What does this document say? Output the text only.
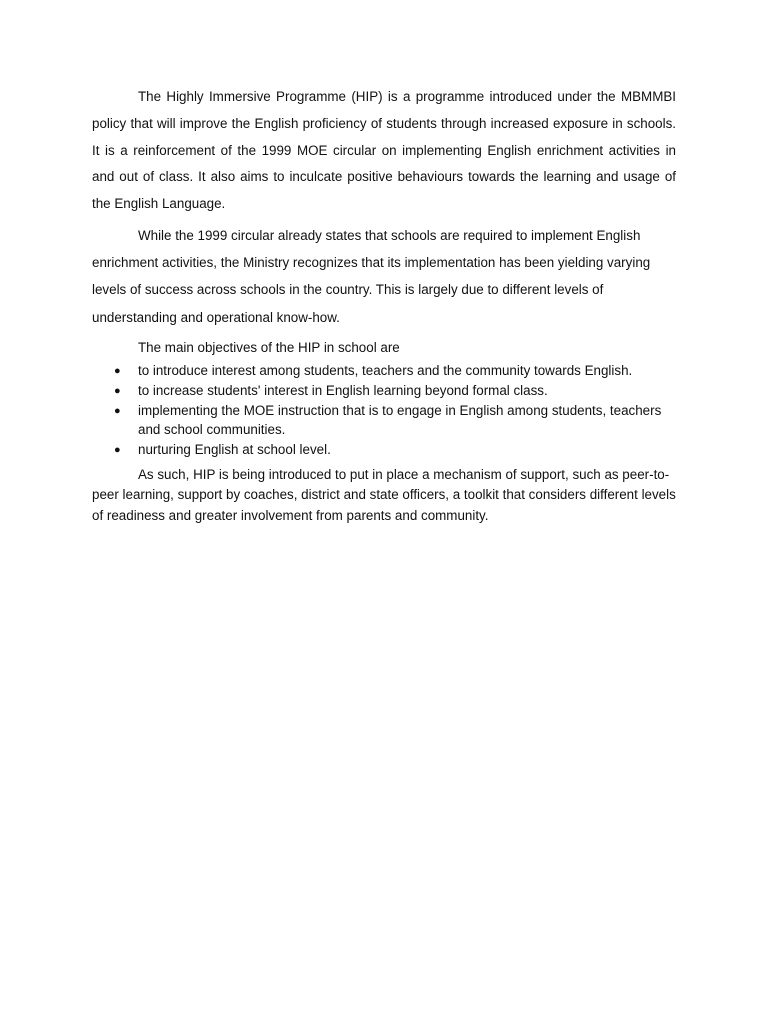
The Highly Immersive Programme (HIP) is a programme introduced under the MBMMBI policy that will improve the English proficiency of students through increased exposure in schools. It is a reinforcement of the 1999 MOE circular on implementing English enrichment activities in and out of class. It also aims to inculcate positive behaviours towards the learning and usage of the English Language.

While the 1999 circular already states that schools are required to implement English enrichment activities, the Ministry recognizes that its implementation has been yielding varying levels of success across schools in the country. This is largely due to different levels of understanding and operational know-how.

The main objectives of the HIP in school are

● to introduce interest among students, teachers and the community towards English.
● to increase students' interest in English learning beyond formal class.
● implementing the MOE instruction that is to engage in English among students, teachers and school communities.
● nurturing English at school level.

As such, HIP is being introduced to put in place a mechanism of support, such as peer-to-peer learning, support by coaches, district and state officers, a toolkit that considers different levels of readiness and greater involvement from parents and community.
